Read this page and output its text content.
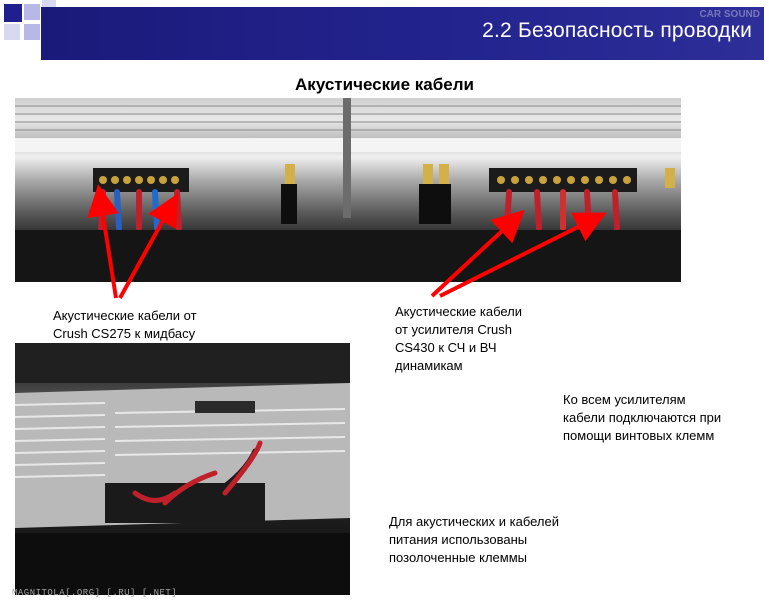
CAR SOUND
2.2 Безопасность проводки
Акустические кабели
Акустические кабели от
Crush CS275 к мидбасу
Акустические кабели
от усилителя Crush
CS430 к СЧ и ВЧ
динамикам
Ко всем усилителям
кабели подключаются при
помощи винтовых клемм
Для акустических и кабелей
питания использованы
позолоченные клеммы
MAGNITOLA[.ORG] [.RU] [.NET]
